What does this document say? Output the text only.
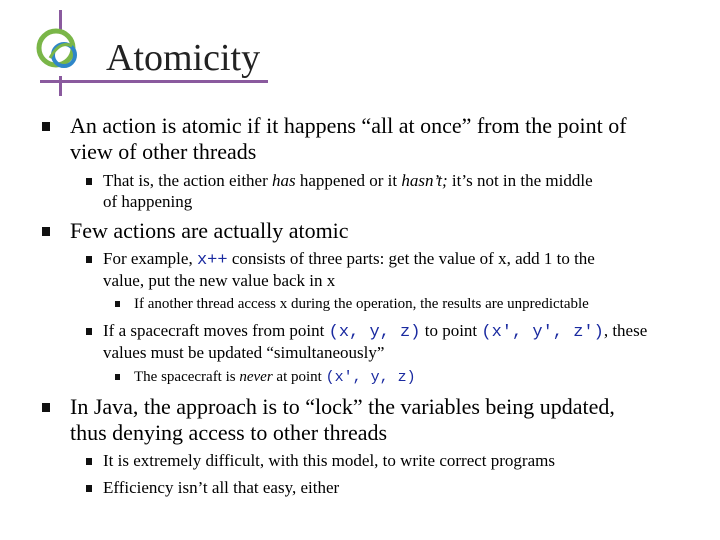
Atomicity
An action is atomic if it happens “all at once” from the point of
view of other threads
That is, the action either has happened or it hasn’t; it’s not in the middle
of happening
Few actions are actually atomic
For example, x++ consists of three parts: get the value of x, add 1 to the
value, put the new value back in x
If another thread access x during the operation, the results are unpredictable
If a spacecraft moves from point (x, y, z) to point (x', y', z'), these
values must be updated “simultaneously”
The spacecraft is never at point (x', y, z)
In Java, the approach is to “lock” the variables being updated,
thus denying access to other threads
It is extremely difficult, with this model, to write correct programs
Efficiency isn’t all that easy, either
